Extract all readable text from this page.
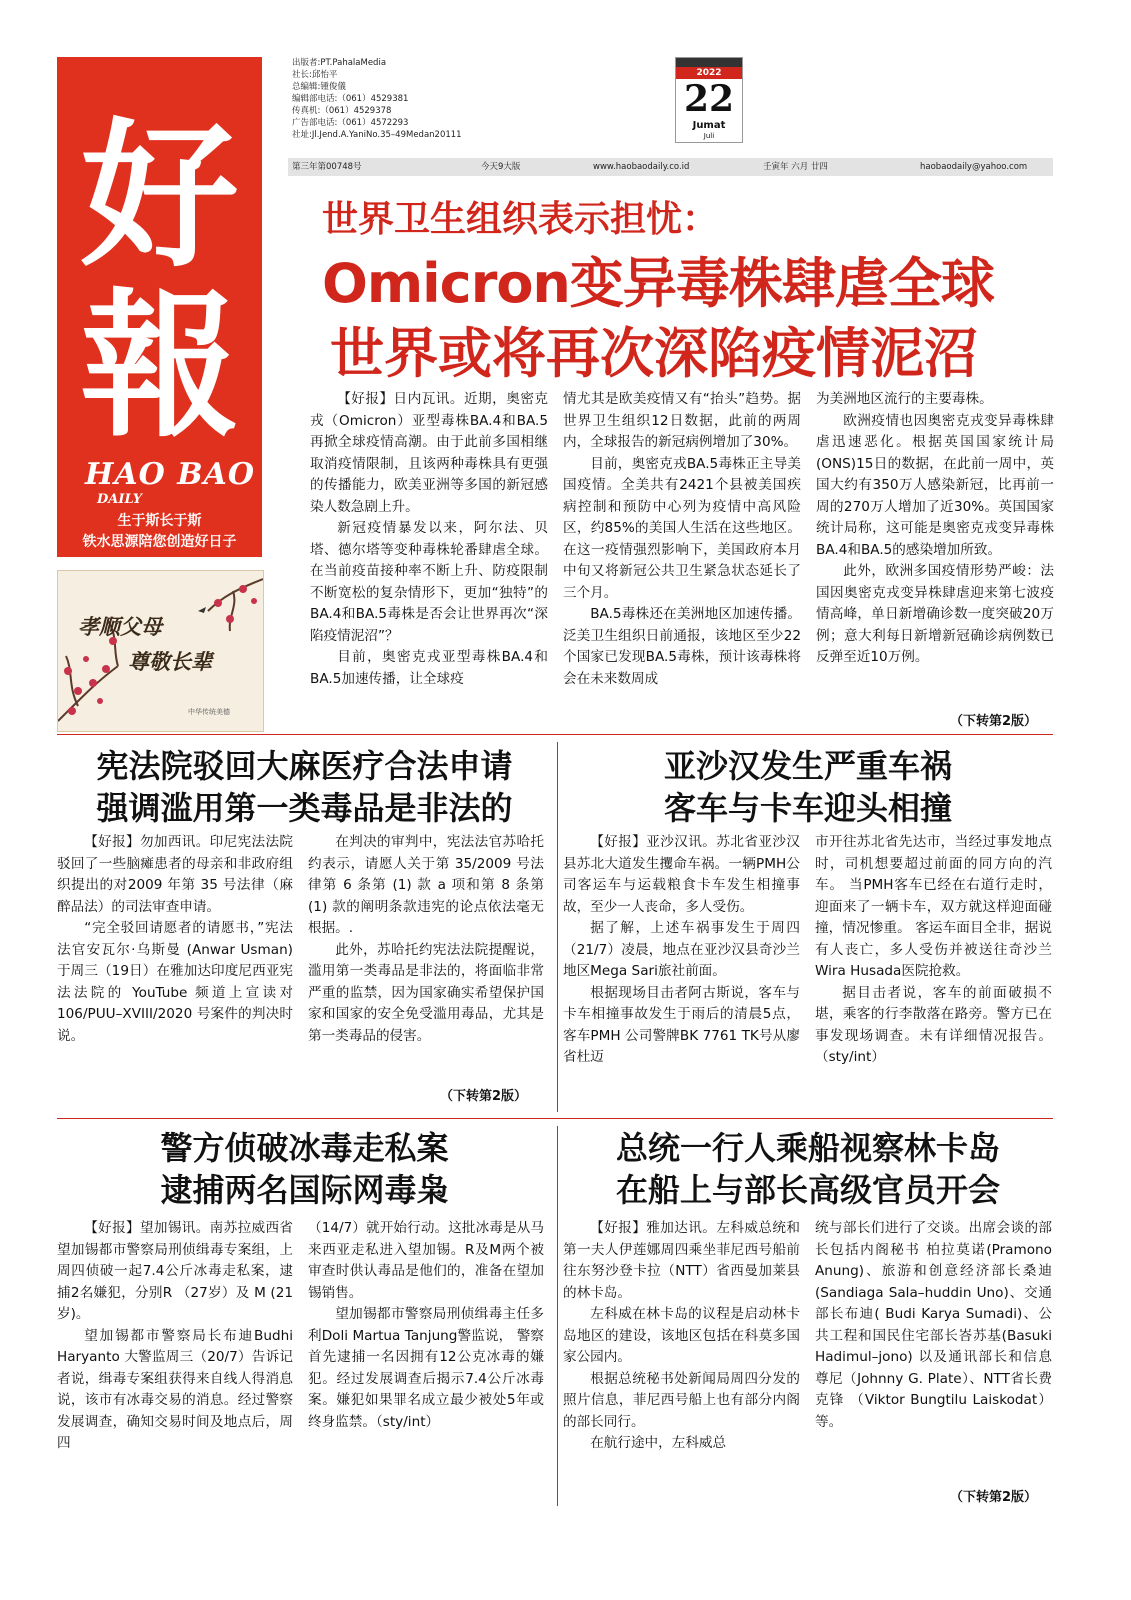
好
報
HAO BAO
DAILY
生于斯长于斯
铁水思源陪您创造好日子
孝顺父母
尊敬长辈
中华传统美德
出版者:PT.PahalaMedia
社长:邱怡平
总编辑:锺俊儀
编辑部电话:（061）4529381
传真机:（061）4529378
广告部电话:（061）4572293
社址:Jl.Jend.A.YaniNo.35–49Medan20111
2022
22
Jumat
Juli
第三年第00748号	今天9大版	www.haobaodaily.co.id	壬寅年 六月 廿四	haobaodaily@yahoo.com
世界卫生组织表示担忧：
Omicron变异毒株肆虐全球
世界或将再次深陷疫情泥沼

【好报】日内瓦讯。近期，奥密克戎（Omicron）亚型毒株BA.4和BA.5再掀全球疫情高潮。由于此前多国相继取消疫情限制，且该两种毒株具有更强的传播能力，欧美亚洲等多国的新冠感染人数急剧上升。

新冠疫情暴发以来，阿尔法、贝塔、德尔塔等变种毒株轮番肆虐全球。在当前疫苗接种率不断上升、防疫限制不断宽松的复杂情形下，更加“独特”的BA.4和BA.5毒株是否会让世界再次“深陷疫情泥沼”？

目前，奥密克戎亚型毒株BA.4和BA.5加速传播，让全球疫

情尤其是欧美疫情又有“抬头”趋势。据世界卫生组织12日数据，此前的两周内，全球报告的新冠病例增加了30%。

目前，奥密克戎BA.5毒株正主导美国疫情。全美共有2421个县被美国疾病控制和预防中心列为疫情中高风险区，约85%的美国人生活在这些地区。在这一疫情强烈影响下，美国政府本月中旬又将新冠公共卫生紧急状态延长了三个月。

BA.5毒株还在美洲地区加速传播。泛美卫生组织日前通报，该地区至少22个国家已发现BA.5毒株，预计该毒株将会在未来数周成

为美洲地区流行的主要毒株。

欧洲疫情也因奥密克戎变异毒株肆虐迅速恶化。根据英国国家统计局(ONS)15日的数据，在此前一周中，英国大约有350万人感染新冠，比再前一周的270万人增加了近30%。英国国家统计局称，这可能是奥密克戎变异毒株BA.4和BA.5的感染增加所致。

此外，欧洲多国疫情形势严峻：法国因奥密克戎变异株肆虐迎来第七波疫情高峰，单日新增确诊数一度突破20万例；意大利每日新增新冠确诊病例数已反弹至近10万例。

（下转第2版）
宪法院驳回大麻医疗合法申请
强调滥用第一类毒品是非法的

【好报】勿加西讯。印尼宪法法院驳回了一些脑瘫患者的母亲和非政府组织提出的对2009 年第 35 号法律（麻醉品法）的司法审查申请。

“完全驳回请愿者的请愿书，”宪法法官安瓦尔·乌斯曼 (Anwar Usman) 于周三（19日）在雅加达印度尼西亚宪法法院的 YouTube 频道上宣读对 106/PUU–XVIII/2020 号案件的判决时说。

在判决的审判中，宪法法官苏哈托约表示，请愿人关于第 35/2009 号法律第 6 条第 (1) 款 a 项和第 8 条第 (1) 款的阐明条款违宪的论点依法毫无根据。.

此外，苏哈托约宪法法院提醒说，滥用第一类毒品是非法的，将面临非常严重的监禁，因为国家确实希望保护国家和国家的安全免受滥用毒品，尤其是第一类毒品的侵害。

（下转第2版）
亚沙汉发生严重车祸
客车与卡车迎头相撞

【好报】亚沙汉讯。苏北省亚沙汉县苏北大道发生攫命车祸。一辆PMH公司客运车与运载粮食卡车发生相撞事故，至少一人丧命，多人受伤。

据了解，上述车祸事发生于周四（21/7）凌晨，地点在亚沙汉县奇沙兰地区Mega Sari旅社前面。

根据现场目击者阿古斯说，客车与卡车相撞事故发生于雨后的清晨5点，客车PMH 公司警牌BK 7761 TK号从廖省杜迈

市开往苏北省先达市，当经过事发地点时，司机想要超过前面的同方向的汽车。 当PMH客车已经在右道行走时，迎面来了一辆卡车，双方就这样迎面碰撞，情况惨重。 客运车面目全非，据说有人丧亡，多人受伤并被送往奇沙兰Wira Husada医院抢救。

据目击者说，客车的前面破损不堪，乘客的行李散落在路旁。警方已在事发现场调查。未有详细情况报告。（sty/int）

警方侦破冰毒走私案
逮捕两名国际网毒枭

【好报】望加锡讯。南苏拉威西省望加锡都市警察局刑侦缉毒专案组，上周四侦破一起7.4公斤冰毒走私案，逮捕2名嫌犯，分别R （27岁）及 M (21岁)。

望加锡都市警察局长布迪Budhi Haryanto 大警监周三（20/7）告诉记者说，缉毒专案组获得来自线人得消息说，该市有冰毒交易的消息。经过警察发展调查，确知交易时间及地点后，周四

（14/7）就开始行动。这批冰毒是从马来西亚走私进入望加锡。R及M两个被审查时供认毒品是他们的，准备在望加锡销售。

望加锡都市警察局刑侦缉毒主任多利Doli Martua Tanjung警监说， 警察首先逮捕一名因拥有12公克冰毒的嫌犯。经过发展调查后揭示7.4公斤冰毒案。嫌犯如果罪名成立最少被处5年或终身监禁。（sty/int）

总统一行人乘船视察林卡岛
在船上与部长高级官员开会

【好报】雅加达讯。左科威总统和第一夫人伊莲娜周四乘坐菲尼西号船前往东努沙登卡拉（NTT）省西曼加莱县的林卡岛。

左科威在林卡岛的议程是启动林卡岛地区的建设，该地区包括在科莫多国家公园内。

根据总统秘书处新闻局周四分发的照片信息，菲尼西号船上也有部分内阁的部长同行。

在航行途中，左科威总

统与部长们进行了交谈。出席会谈的部长包括内阁秘书 柏拉莫诺(Pramono Anung)、旅游和创意经济部长桑迪(Sandiaga Sala–huddin Uno)、交通部长布迪( Budi Karya Sumadi)、公共工程和国民住宅部长峇苏基(Basuki Hadimul–jono) 以及通讯部长和信息尊尼（Johnny G. Plate）、NTT省长费克锋 （Viktor Bungtilu Laiskodat）等。

（下转第2版）
